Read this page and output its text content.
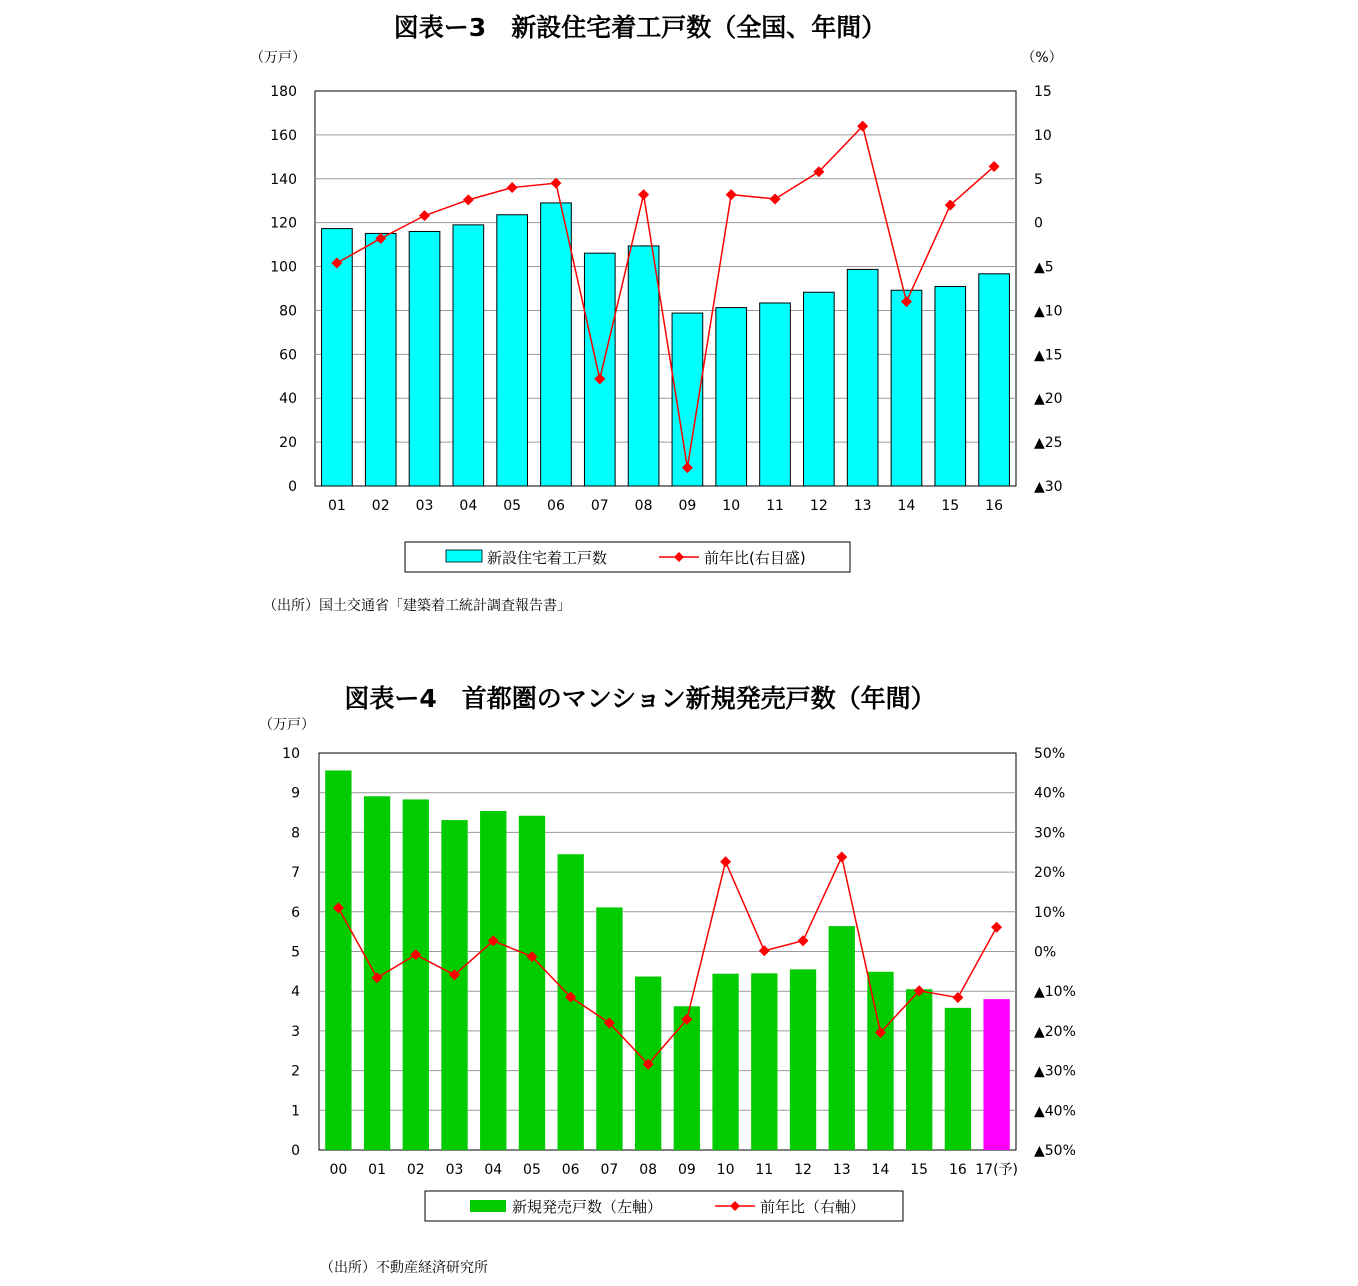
図表ー3　新設住宅着工戸数（全国、年間）
（万戸）	（%）
0
20
40
60
80
100
120
140
160
180
▲30
▲25
▲20
▲15
▲10
▲5
0
5
10
15
01 02 03 04 05 06 07 08 09 10 11 12 13 14 15 16
新設住宅着工戸数	前年比(右目盛)
（出所）国土交通省「建築着工統計調査報告書」
図表ー4　首都圏のマンション新規発売戸数（年間）
（万戸）
0
1
2
3
4
5
6
7
8
9
10
▲50%
▲40%
▲30%
▲20%
▲10%
0%
10%
20%
30%
40%
50%
00 01 02 03 04 05 06 07 08 09 10 11 12 13 14 15 16 17(予)
新規発売戸数（左軸）	前年比（右軸）
（出所）不動産経済研究所
